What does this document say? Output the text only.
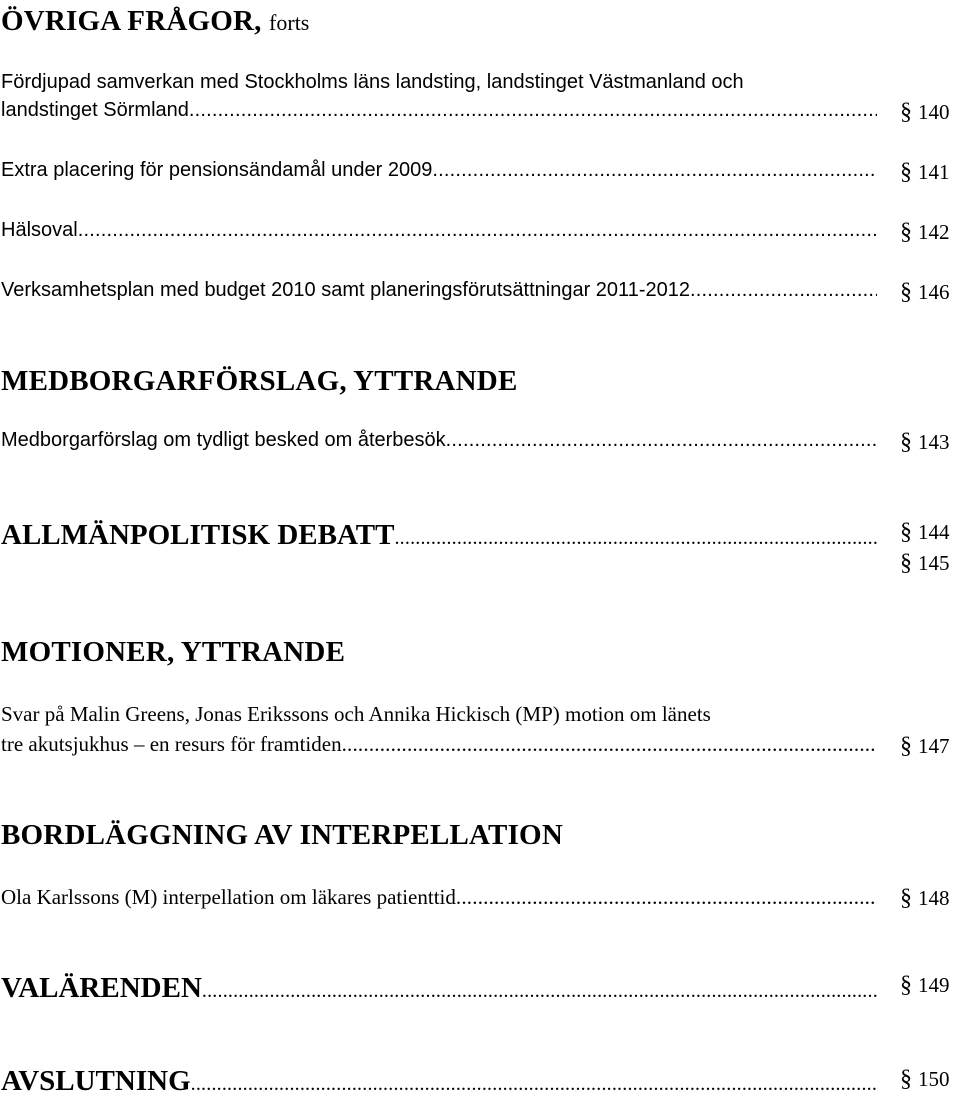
ÖVRIGA FRÅGOR, forts
Fördjupad samverkan med Stockholms läns landsting, landstinget Västmanland och
landstinget Sörmland .....	§ 140
Extra placering för pensionsändamål under 2009 .....	§ 141
Hälsoval .....	§ 142
Verksamhetsplan med budget 2010 samt planeringsförutsättningar 2011-2012 .....	§ 146
MEDBORGARFÖRSLAG, YTTRANDE
Medborgarförslag om tydligt besked om återbesök .....	§ 143
ALLMÄNPOLITISK DEBATT .....	§ 144
§ 145
MOTIONER, YTTRANDE
Svar på Malin Greens, Jonas Erikssons och Annika Hickisch (MP) motion om länets
tre akutsjukhus – en resurs för framtiden .....	§ 147
BORDLÄGGNING AV INTERPELLATION
Ola Karlssons (M) interpellation om läkares patienttid .....	§ 148
VALÄRENDEN .....	§ 149
AVSLUTNING .....	§ 150
